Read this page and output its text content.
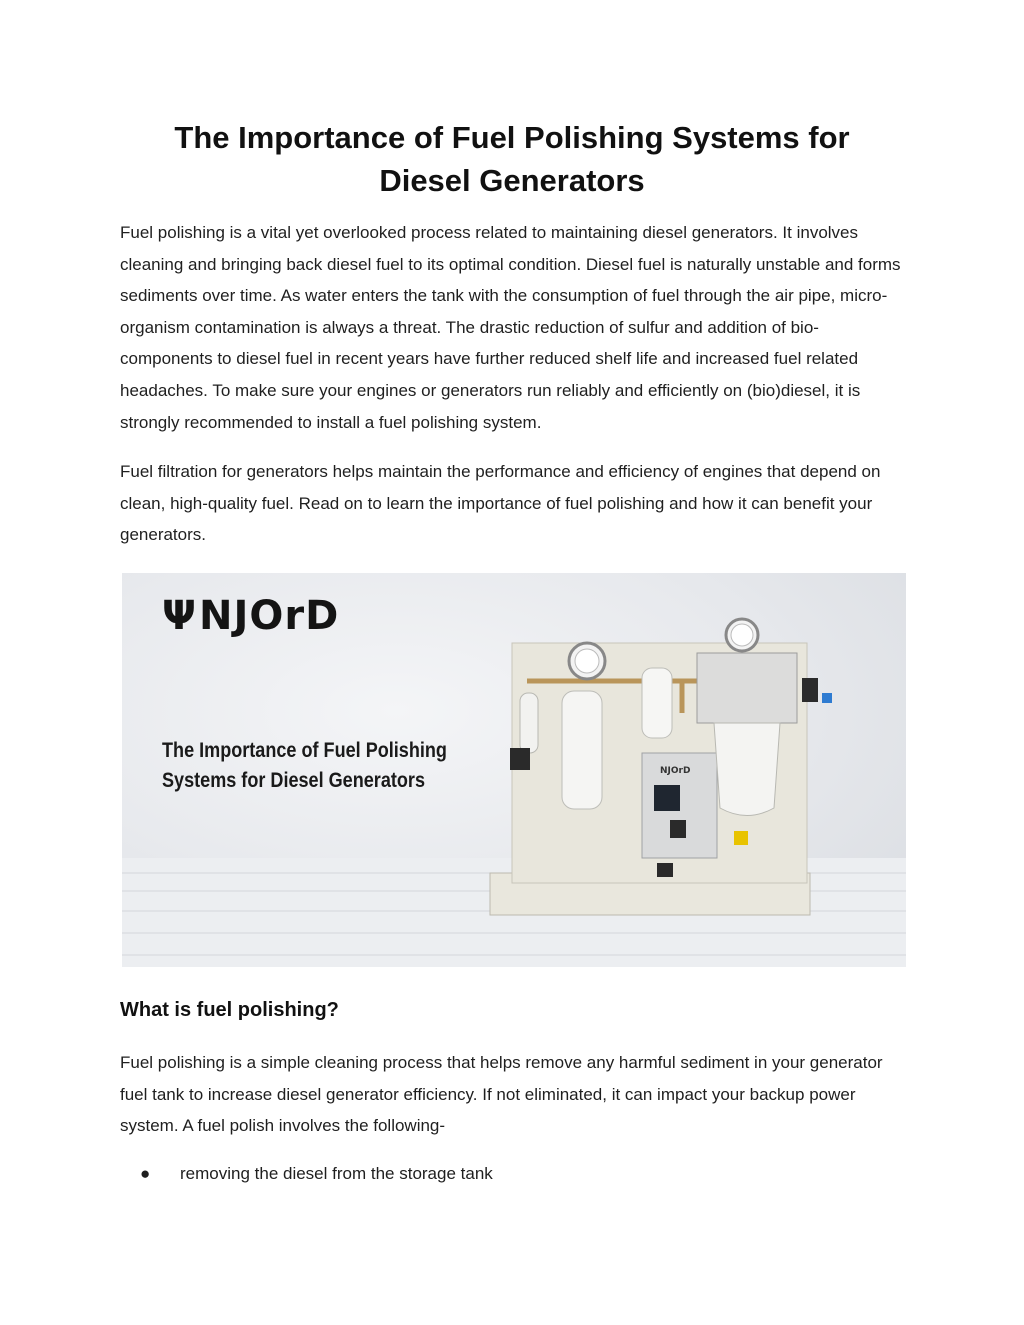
The Importance of Fuel Polishing Systems for
Diesel Generators

Fuel polishing is a vital yet overlooked process related to maintaining diesel generators. It involves cleaning and bringing back diesel fuel to its optimal condition. Diesel fuel is naturally unstable and forms sediments over time. As water enters the tank with the consumption of fuel through the air pipe, micro-organism contamination is always a threat. The drastic reduction of sulfur and addition of bio-components to diesel fuel in recent years have further reduced shelf life and increased fuel related headaches. To make sure your engines or generators run reliably and efficiently on (bio)diesel, it is strongly recommended to install a fuel polishing system.

Fuel filtration for generators helps maintain the performance and efficiency of engines that depend on clean, high-quality fuel. Read on to learn the importance of fuel polishing and how it can benefit your generators.

NJOrD
ΨNJOrD
The Importance of Fuel Polishing
Systems for Diesel Generators
What is fuel polishing?

Fuel polishing is a simple cleaning process that helps remove any harmful sediment in your generator fuel tank to increase diesel generator efficiency. If not eliminated, it can impact your backup power system. A fuel polish involves the following-

● removing the diesel from the storage tank
